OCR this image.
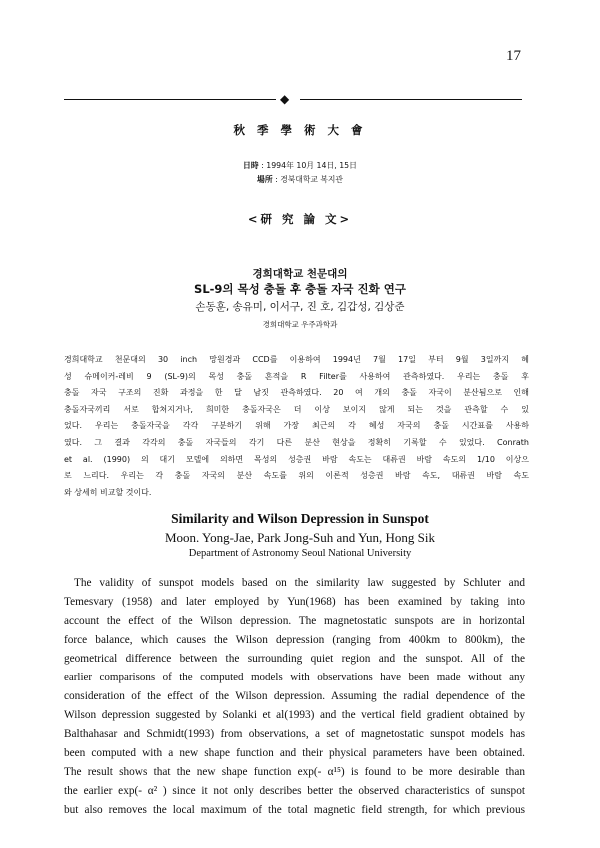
17
◆
秋 季 學 術 大 會
日時 : 1994年 10月 14日, 15日
場所 : 경북대학교 복지관
<研 究 論 文>
경희대학교 천문대의
SL-9의 목성 충돌 후 충돌 자국 진화 연구
손동훈, 송유미, 이서구, 진 호, 김갑성, 김상준
경희대학교 우주과학과
경희대학교 천문대의 30 inch 망원경과 CCD를 이용하여 1994년 7월 17일 부터 9월 3일까지 혜
성 슈메이커-레비 9 (SL-9)의 목성 충돌 흔적을 R Filter를 사용하여 관측하였다. 우리는 충돌 후
충돌 자국 구조의 진화 과정을 한 달 남짓 관측하였다. 20 여 개의 충돌 자국이 분산됨으로 인해
충돌자국끼리 서로 합쳐지거나, 희미한 충돌자국은 더 이상 보이지 않게 되는 것을 관측할 수 있
었다. 우리는 충돌자국을 각각 구분하기 위해 가장 최근의 각 혜성 자국의 충돌 시간표를 사용하
였다. 그 결과 각각의 충돌 자국들의 각기 다른 분산 현상을 정확히 기록할 수 있었다. Conrath
et al. (1990) 의 대기 모델에 의하면 목성의 성층권 바람 속도는 대류권 바람 속도의 1/10 이상으
로 느리다. 우리는 각 충돌 자국의 분산 속도를 위의 이론적 성층권 바람 속도, 대류권 바람 속도
와 상세히 비교할 것이다.
Similarity and Wilson Depression in Sunspot
Moon. Yong-Jae, Park Jong-Suh and Yun, Hong Sik
Department of Astronomy Seoul National University
The validity of sunspot models based on the similarity law suggested by Schluter and
Temesvary (1958) and later employed by Yun(1968) has been examined by taking into
account the effect of the Wilson depression. The magnetostatic sunspots are in horizontal
force balance, which causes the Wilson depression (ranging from 400km to 800km), the
geometrical difference between the surrounding quiet region and the sunspot. All of the
earlier comparisons of the computed models with observations have been made without any
consideration of the effect of the Wilson depression. Assuming the radial dependence of the
Wilson depression suggested by Solanki et al(1993) and the vertical field gradient obtained by
Balthahasar and Schmidt(1993) from observations, a set of magnetostatic sunspot models has
been computed with a new shape function and their physical parameters have been obtained.
The result shows that the new shape function exp(- α¹⁵) is found to be more desirable than
the earlier exp(- α² ) since it not only describes better the observed characteristics of sunspot
but also removes the local maximum of the total magnetic field strength, for which previous
